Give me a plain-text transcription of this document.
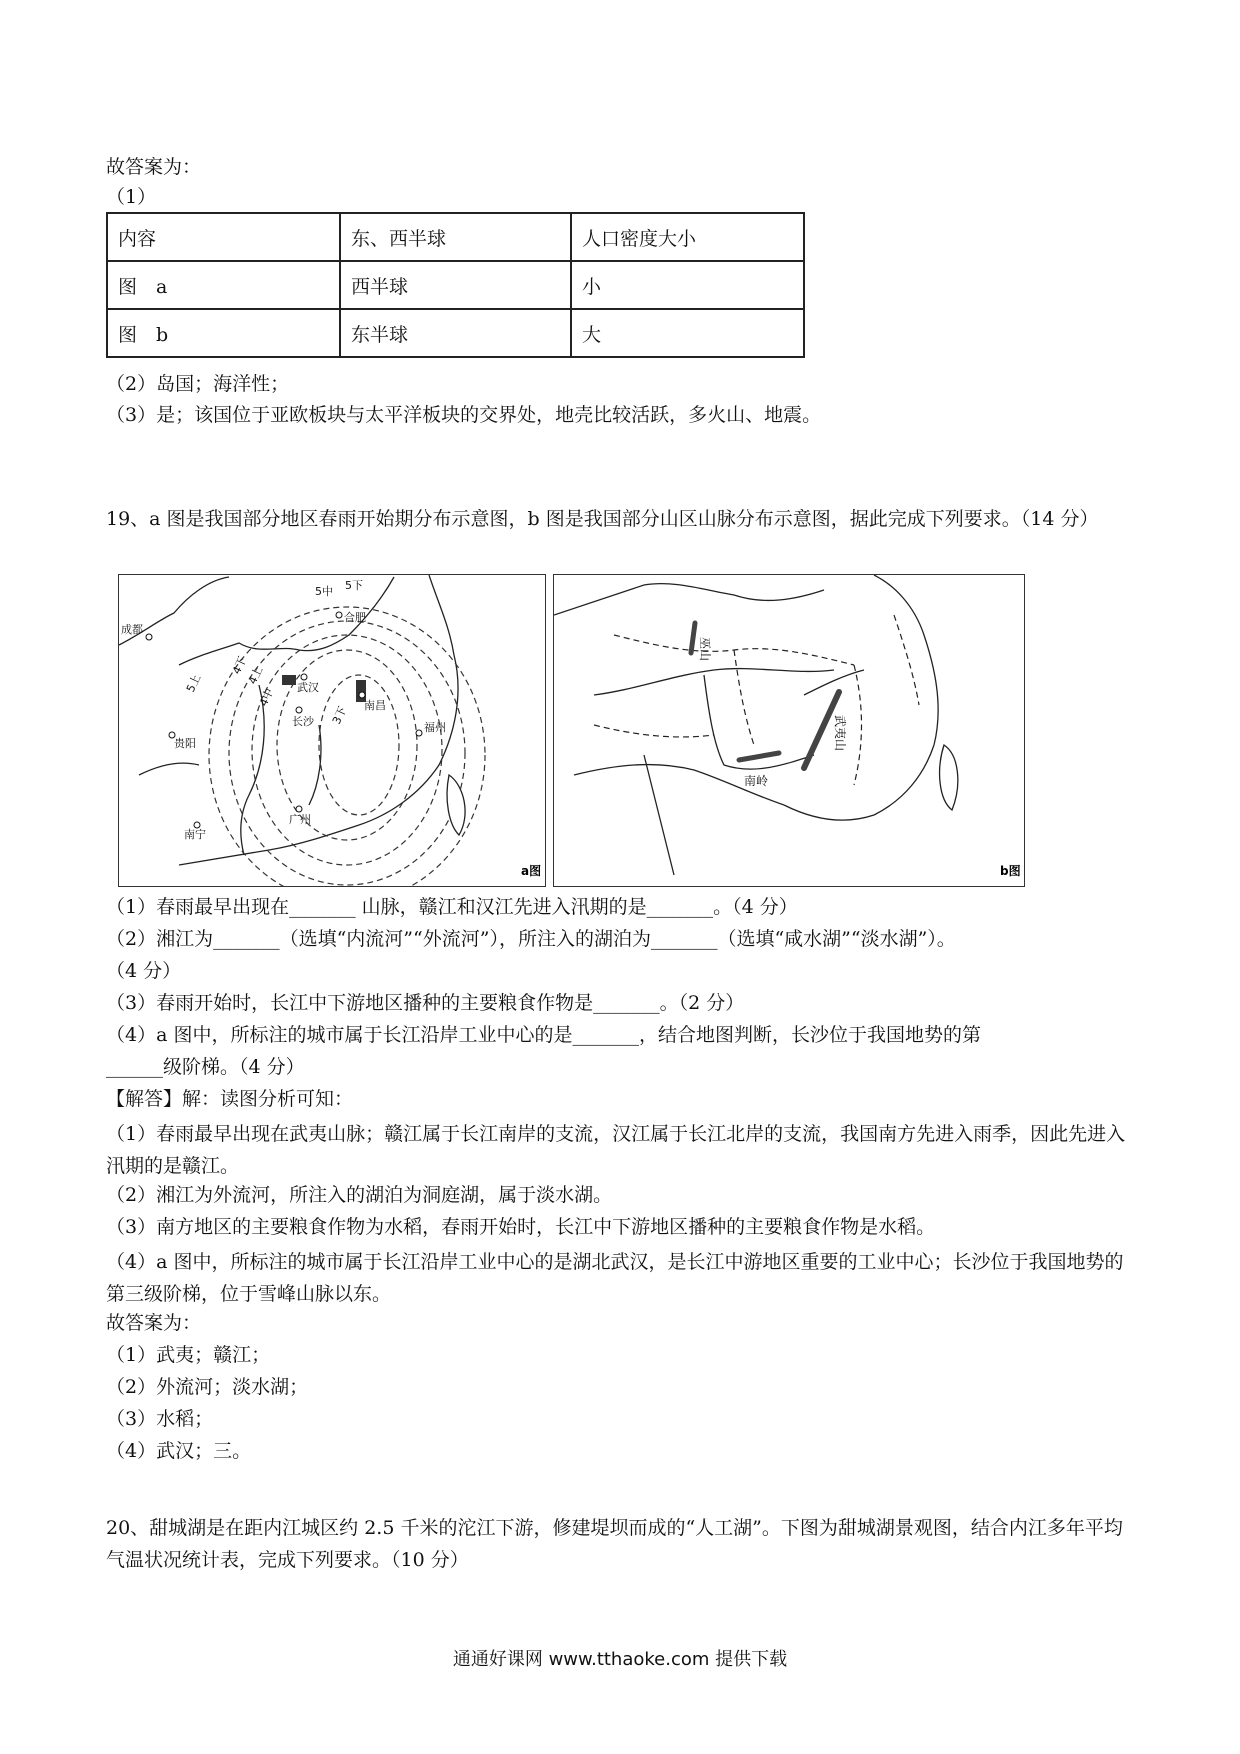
故答案为：
（1）
内容	东、西半球	人口密度大小
图　a	西半球	小
图　b	东半球	大
（2）岛国；海洋性；
（3）是；该国位于亚欧板块与太平洋板块的交界处，地壳比较活跃，多火山、地震。
19、a 图是我国部分地区春雨开始期分布示意图，b 图是我国部分山区山脉分布示意图，据此完成下列要求。（14 分）
成都
合肥
武汉
南昌
长沙
贵阳
福州
南宁
广州
5中 5下
5上
4下
4中
4上
3下
a图
巫山
武夷山
南岭
b图
（1）春雨最早出现在_______ 山脉，赣江和汉江先进入汛期的是_______。（4 分）
（2）湘江为_______（选填“内流河”“外流河”），所注入的湖泊为_______（选填“咸水湖”“淡水湖”）。
（4 分）
（3）春雨开始时，长江中下游地区播种的主要粮食作物是_______。（2 分）
（4）a 图中，所标注的城市属于长江沿岸工业中心的是_______，结合地图判断，长沙位于我国地势的第
______级阶梯。（4 分）
【解答】解：读图分析可知：
（1）春雨最早出现在武夷山脉；赣江属于长江南岸的支流，汉江属于长江北岸的支流，我国南方先进入雨季，因此先进入汛期的是赣江。
（2）湘江为外流河，所注入的湖泊为洞庭湖，属于淡水湖。
（3）南方地区的主要粮食作物为水稻，春雨开始时，长江中下游地区播种的主要粮食作物是水稻。
（4）a 图中，所标注的城市属于长江沿岸工业中心的是湖北武汉，是长江中游地区重要的工业中心；长沙位于我国地势的第三级阶梯，位于雪峰山脉以东。
故答案为：
（1）武夷；赣江；
（2）外流河；淡水湖；
（3）水稻；
（4）武汉；三。
20、甜城湖是在距内江城区约 2.5 千米的沱江下游，修建堤坝而成的“人工湖”。下图为甜城湖景观图，结合内江多年平均气温状况统计表，完成下列要求。（10 分）
通通好课网 www.tthaoke.com 提供下载
